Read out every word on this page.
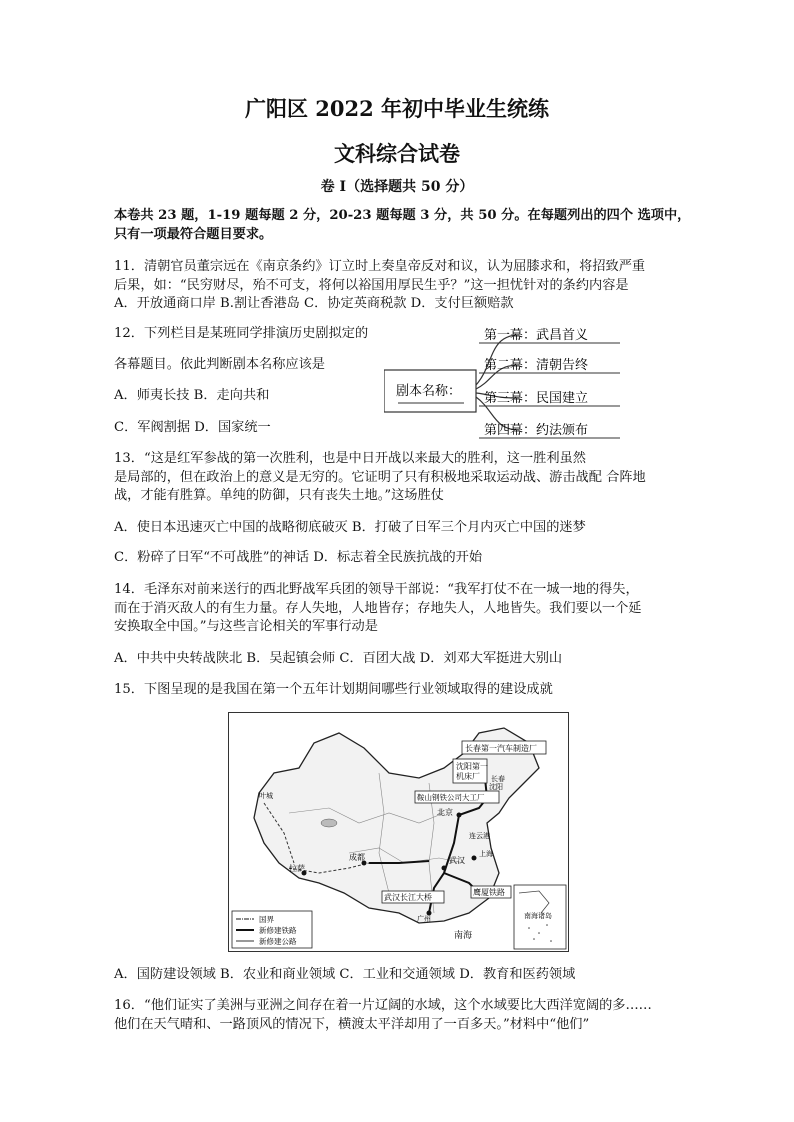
广阳区 2022 年初中毕业生统练
文科综合试卷
卷 I（选择题共 50 分）
本卷共 23 题，1-19 题每题 2 分，20-23 题每题 3 分，共 50 分。在每题列出的四个 选项中，
只有一项最符合题目要求。
11．清朝官员董宗远在《南京条约》订立时上奏皇帝反对和议，认为屈膝求和，将招致严重
后果，如：“民穷财尽，殆不可支，将何以裕国用厚民生乎？”这一担忧针对的条约内容是
A．开放通商口岸 B.割让香港岛 C．协定英商税款 D．支付巨额赔款
12．下列栏目是某班同学排演历史剧拟定的
各幕题目。依此判断剧本名称应该是
A．师夷长技 B．走向共和
C．军阀割据 D．国家统一
剧本名称：
第一幕：武昌首义
第二幕：清朝告终
第三幕：民国建立
第四幕：约法颁布
13．“这是红军参战的第一次胜利，也是中日开战以来最大的胜利，这一胜利虽然
是局部的，但在政治上的意义是无穷的。它证明了只有积极地采取运动战、游击战配 合阵地
战，才能有胜算。单纯的防御，只有丧失土地。”这场胜仗
A．使日本迅速灭亡中国的战略彻底破灭 B．打破了日军三个月内灭亡中国的迷梦
C．粉碎了日军“不可战胜”的神话 D．标志着全民族抗战的开始
14．毛泽东对前来送行的西北野战军兵团的领导干部说：“我军打仗不在一城一地的得失，
而在于消灭敌人的有生力量。存人失地，人地皆存；存地失人，人地皆失。我们要以一个延
安换取全中国。”与这些言论相关的军事行动是
A．中共中央转战陕北 B．吴起镇会师 C．百团大战 D．刘邓大军挺进大别山
15．下图呈现的是我国在第一个五年计划期间哪些行业领域取得的建设成就
长春第一汽车制造厂
沈阳第一
机床厂
鞍山钢铁公司大工厂
武汉长江大桥
鹰厦铁路
北京
长春
沈阳
武汉
上海
连云港
成都
广州
拉萨
叶城
南海
南海诸岛
国界
新修建铁路
新修建公路
A．国防建设领域 B．农业和商业领域 C．工业和交通领域 D．教育和医药领域
16．“他们证实了美洲与亚洲之间存在着一片辽阔的水域，这个水域要比大西洋宽阔的多……
他们在天气晴和、一路顶风的情况下，横渡太平洋却用了一百多天。”材料中“他们”
